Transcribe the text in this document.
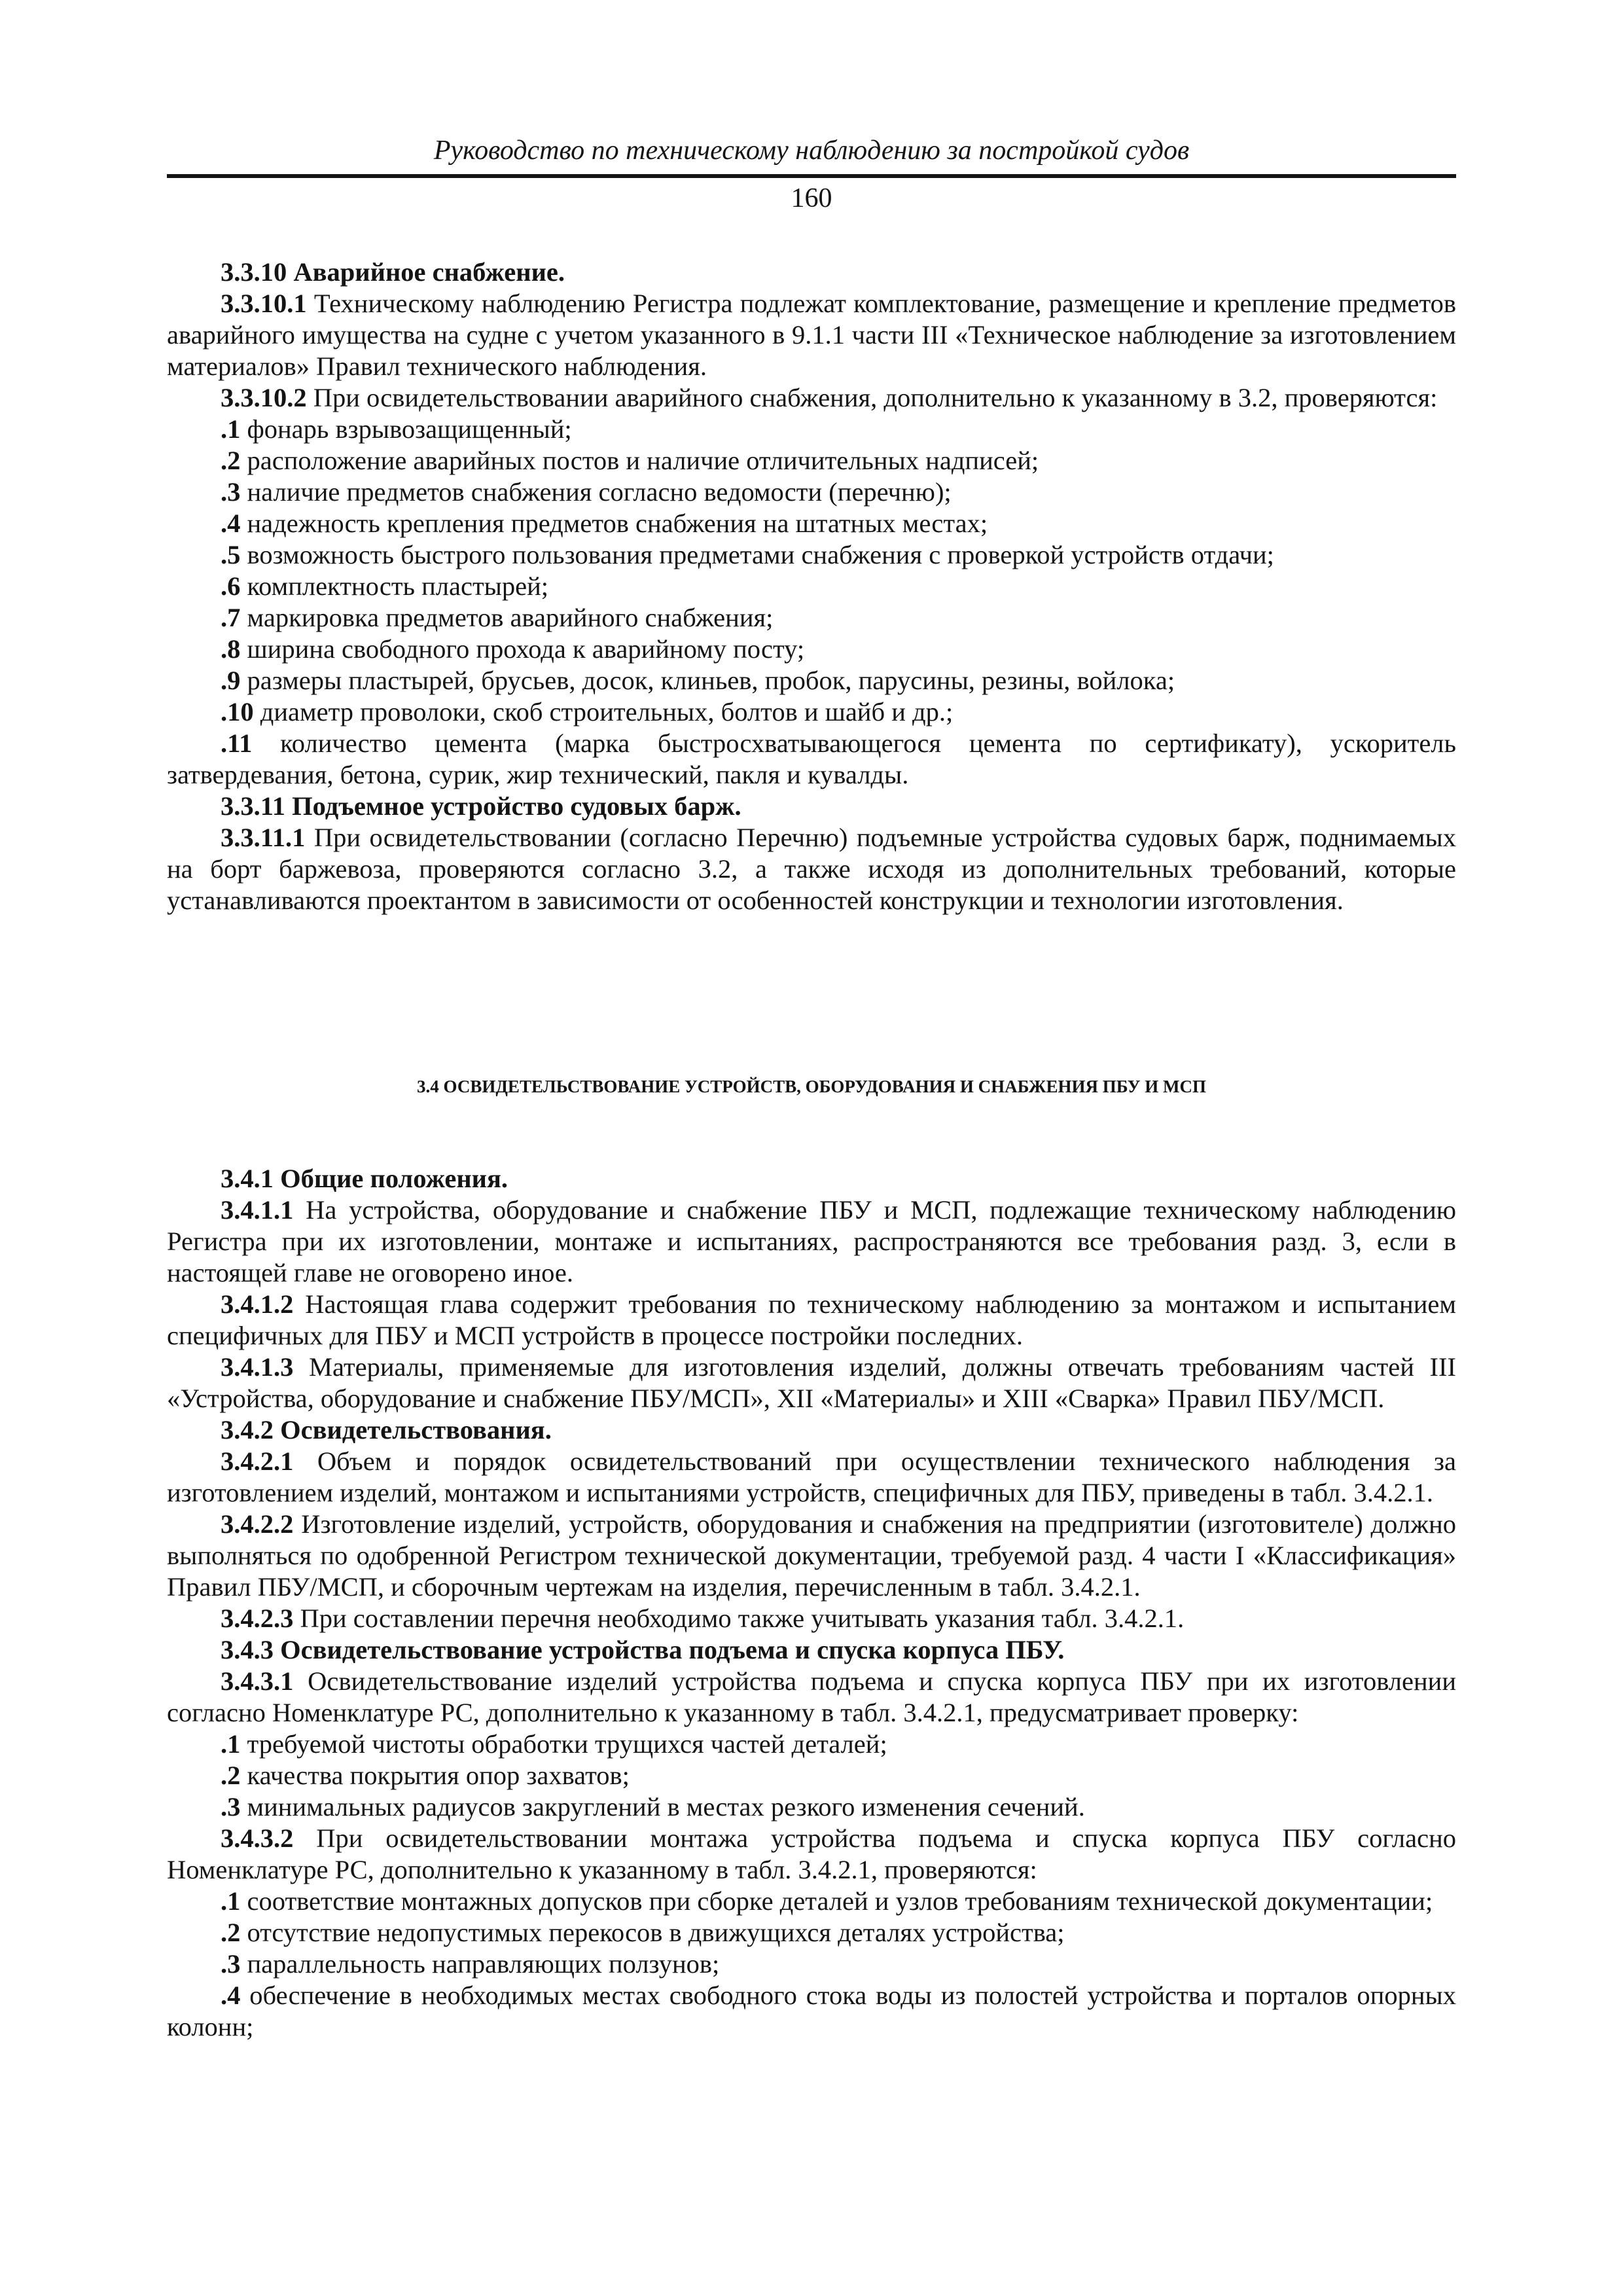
Руководство по техническому наблюдению за постройкой судов
160

3.3.10 Аварийное снабжение.

3.3.10.1 Техническому наблюдению Регистра подлежат комплектование, размещение и крепление предметов аварийного имущества на судне с учетом указанного в 9.1.1 части III «Техническое наблюдение за изготовлением материалов» Правил технического наблюдения.

3.3.10.2 При освидетельствовании аварийного снабжения, дополнительно к указанному в 3.2, проверяются:

.1 фонарь взрывозащищенный;

.2 расположение аварийных постов и наличие отличительных надписей;

.3 наличие предметов снабжения согласно ведомости (перечню);

.4 надежность крепления предметов снабжения на штатных местах;

.5 возможность быстрого пользования предметами снабжения с проверкой устройств отдачи;

.6 комплектность пластырей;

.7 маркировка предметов аварийного снабжения;

.8 ширина свободного прохода к аварийному посту;

.9 размеры пластырей, брусьев, досок, клиньев, пробок, парусины, резины, войлока;

.10 диаметр проволоки, скоб строительных, болтов и шайб и др.;

.11 количество цемента (марка быстросхватывающегося цемента по сертификату), ускоритель затвердевания, бетона, сурик, жир технический, пакля и кувалды.

3.3.11 Подъемное устройство судовых барж.

3.3.11.1 При освидетельствовании (согласно Перечню) подъемные устройства судовых барж, поднимаемых на борт баржевоза, проверяются согласно 3.2, а также исходя из дополнительных требований, которые устанавливаются проектантом в зависимости от особенностей конструкции и технологии изготовления.

3.4 ОСВИДЕТЕЛЬСТВОВАНИЕ УСТРОЙСТВ, ОБОРУДОВАНИЯ И СНАБЖЕНИЯ ПБУ И МСП

3.4.1 Общие положения.

3.4.1.1 На устройства, оборудование и снабжение ПБУ и МСП, подлежащие техническому наблюдению Регистра при их изготовлении, монтаже и испытаниях, распространяются все требования разд. 3, если в настоящей главе не оговорено иное.

3.4.1.2 Настоящая глава содержит требования по техническому наблюдению за монтажом и испытанием специфичных для ПБУ и МСП устройств в процессе постройки последних.

3.4.1.3 Материалы, применяемые для изготовления изделий, должны отвечать требованиям частей III «Устройства, оборудование и снабжение ПБУ/МСП», XII «Материалы» и XIII «Сварка» Правил ПБУ/МСП.

3.4.2 Освидетельствования.

3.4.2.1 Объем и порядок освидетельствований при осуществлении технического наблюдения за изготовлением изделий, монтажом и испытаниями устройств, специфичных для ПБУ, приведены в табл. 3.4.2.1.

3.4.2.2 Изготовление изделий, устройств, оборудования и снабжения на предприятии (изготовителе) должно выполняться по одобренной Регистром технической документации, требуемой разд. 4 части I «Классификация» Правил ПБУ/МСП, и сборочным чертежам на изделия, перечисленным в табл. 3.4.2.1.

3.4.2.3 При составлении перечня необходимо также учитывать указания табл. 3.4.2.1.

3.4.3 Освидетельствование устройства подъема и спуска корпуса ПБУ.

3.4.3.1 Освидетельствование изделий устройства подъема и спуска корпуса ПБУ при их изготовлении согласно Номенклатуре РС, дополнительно к указанному в табл. 3.4.2.1, предусматривает проверку:

.1 требуемой чистоты обработки трущихся частей деталей;

.2 качества покрытия опор захватов;

.3 минимальных радиусов закруглений в местах резкого изменения сечений.

3.4.3.2 При освидетельствовании монтажа устройства подъема и спуска корпуса ПБУ согласно Номенклатуре РС, дополнительно к указанному в табл. 3.4.2.1, проверяются:

.1 соответствие монтажных допусков при сборке деталей и узлов требованиям технической документации;

.2 отсутствие недопустимых перекосов в движущихся деталях устройства;

.3 параллельность направляющих ползунов;

.4 обеспечение в необходимых местах свободного стока воды из полостей устройства и порталов опорных колонн;
